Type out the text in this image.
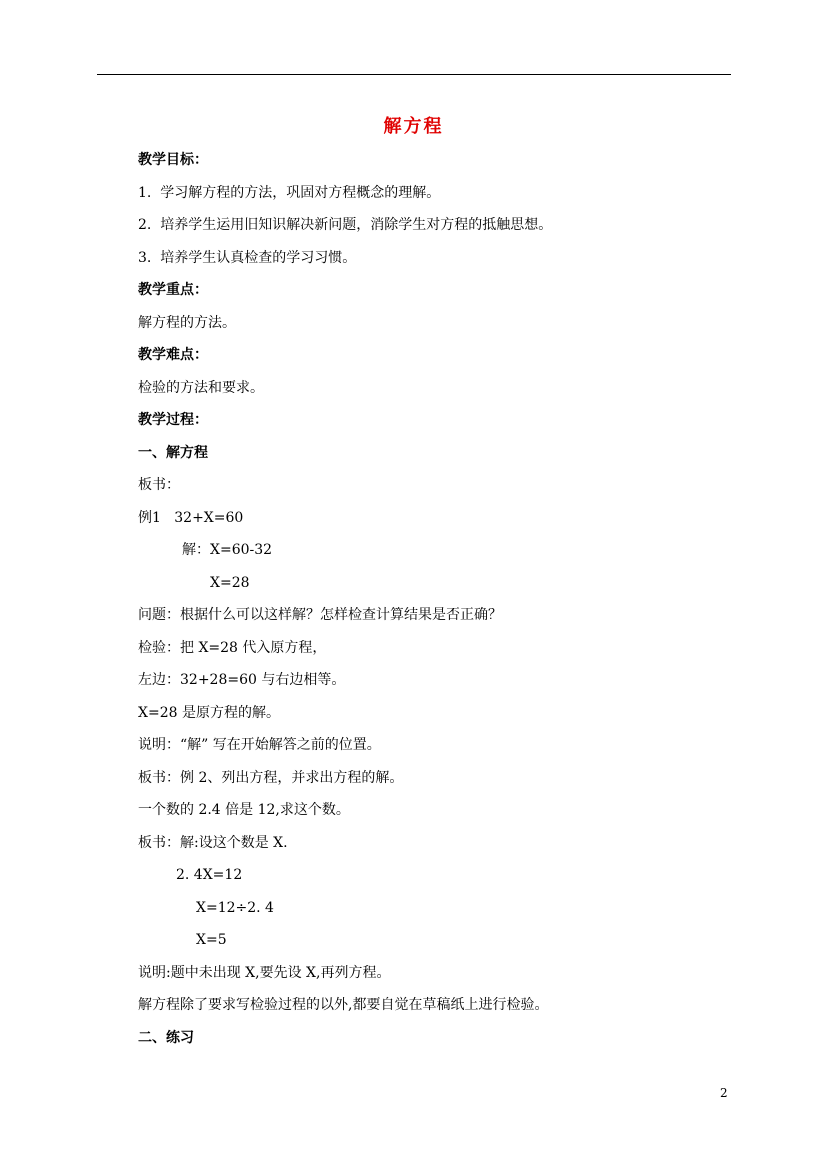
解方程
教学目标：
1.  学习解方程的方法，巩固对方程概念的理解。
2.  培养学生运用旧知识解决新问题，消除学生对方程的抵触思想。
3.  培养学生认真检查的学习习惯。
教学重点：
解方程的方法。
教学难点：
检验的方法和要求。
教学过程：
一、解方程
板书：
例1   32+X=60
解：X=60-32
X=28
问题：根据什么可以这样解？怎样检查计算结果是否正确？
检验：把 X=28 代入原方程，
左边：32+28=60 与右边相等。
X=28 是原方程的解。
说明：“解” 写在开始解答之前的位置。
板书：例 2、列出方程，并求出方程的解。
一个数的 2.4 倍是 12,求这个数。
板书：解:设这个数是 X.
2. 4X=12
X=12÷2. 4
X=5
说明:题中未出现 X,要先设 X,再列方程。
解方程除了要求写检验过程的以外,都要自觉在草稿纸上进行检验。
二、练习
2
